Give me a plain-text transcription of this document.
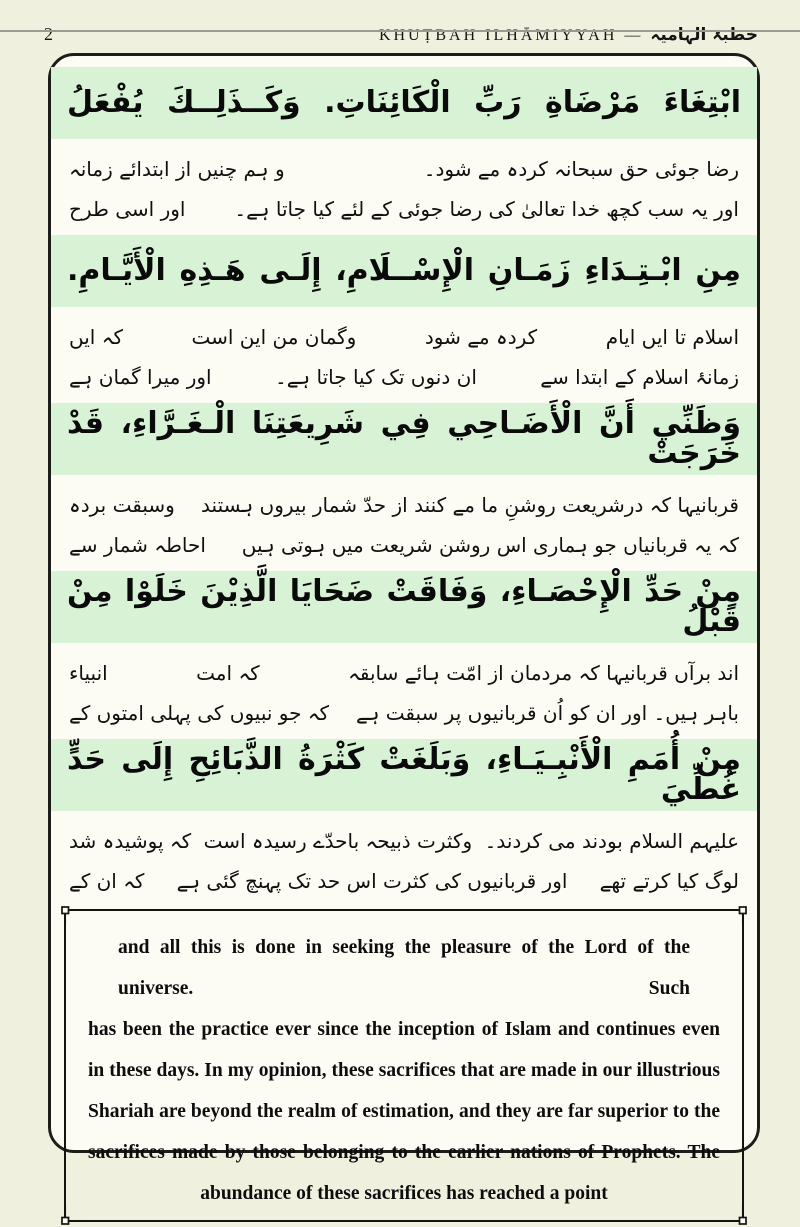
2	KHUṬBAH ILHĀMIYYAH — خطبۂ الہامیہ
ابْتِغَاءَ مَرْضَاةِ رَبِّ الْكَائِنَاتِ. وَكَــذَلِــكَ يُفْعَلُ
رضا جوئی حق سبحانہ کردہ مے شود۔
و ہم چنیں از ابتدائے زمانہ
اور یہ سب کچھ خدا تعالیٰ کی رضا جوئی کے لئے کیا جاتا ہے۔
اور اسی طرح
مِنِ ابْـتِـدَاءِ زَمَـانِ الْإِسْــلَامِ، إِلَـى هَـذِهِ الْأَيَّـامِ.
اسلام تا ایں ایام
کردہ مے شود
وگمان من این است
کہ ایں
زمانۂ اسلام کے ابتدا سے
ان دنوں تک کیا جاتا ہے۔
اور میرا گمان ہے
وَظَنِّي أَنَّ الْأَضَـاحِي فِي شَرِيعَتِنَا الْـغَـرَّاءِ، قَدْ خَرَجَتْ
قربانیہا کہ درشریعت روشنِ ما مے کنند از حدّ شمار بیروں ہستند
وسبقت بردہ
کہ یہ قربانیاں جو ہماری اس روشن شریعت میں ہوتی ہیں
احاطہ شمار سے
مِنْ حَدِّ الْإِحْصَـاءِ، وَفَاقَتْ ضَحَايَا الَّذِيْنَ خَلَوْا مِنْ قَبْلُ
اند برآں قربانیہا کہ مردمان از امّت ہائے سابقہ
کہ امت
انبیاء
باہر ہیں۔ اور ان کو اُن قربانیوں پر سبقت ہے
کہ جو نبیوں کی پہلی امتوں کے
مِنْ أُمَمِ الْأَنْبِـيَـاءِ، وَبَلَغَتْ كَثْرَةُ الذَّبَائِحِ إِلَى حَدٍّ غُطِّيَ
علیہم السلام بودند می کردند۔
وکثرت ذبیحہ باحدّے رسیدہ است
کہ پوشیدہ شد
لوگ کیا کرتے تھے
اور قربانیوں کی کثرت اس حد تک پہنچ گئی ہے
کہ ان کے
and all this is done in seeking the pleasure of the Lord of the universe. Such
has been the practice ever since the inception of Islam and continues even
in these days. In my opinion, these sacrifices that are made in our illustrious
Shariah are beyond the realm of estimation, and they are far superior to the
sacrifices made by those belonging to the earlier nations of Prophets. The
abundance of these sacrifices has reached a point
